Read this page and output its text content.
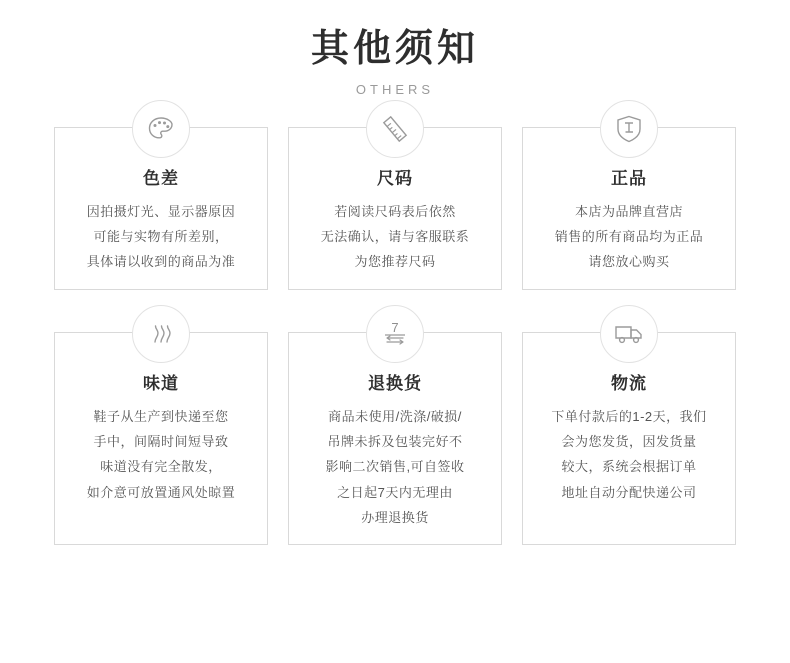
其他须知
OTHERS
色差
因拍摄灯光、显示器原因
可能与实物有所差别，
具体请以收到的商品为准
尺码
若阅读尺码表后依然
无法确认，请与客服联系
为您推荐尺码
正品
本店为品牌直营店
销售的所有商品均为正品
请您放心购买
味道
鞋子从生产到快递至您
手中，间隔时间短导致
味道没有完全散发，
如介意可放置通风处晾置
7
退换货
商品未使用/洗涤/破损/
吊牌未拆及包装完好不
影响二次销售,可自签收
之日起7天内无理由
办理退换货
物流
下单付款后的1-2天，我们
会为您发货，因发货量
较大，系统会根据订单
地址自动分配快递公司
